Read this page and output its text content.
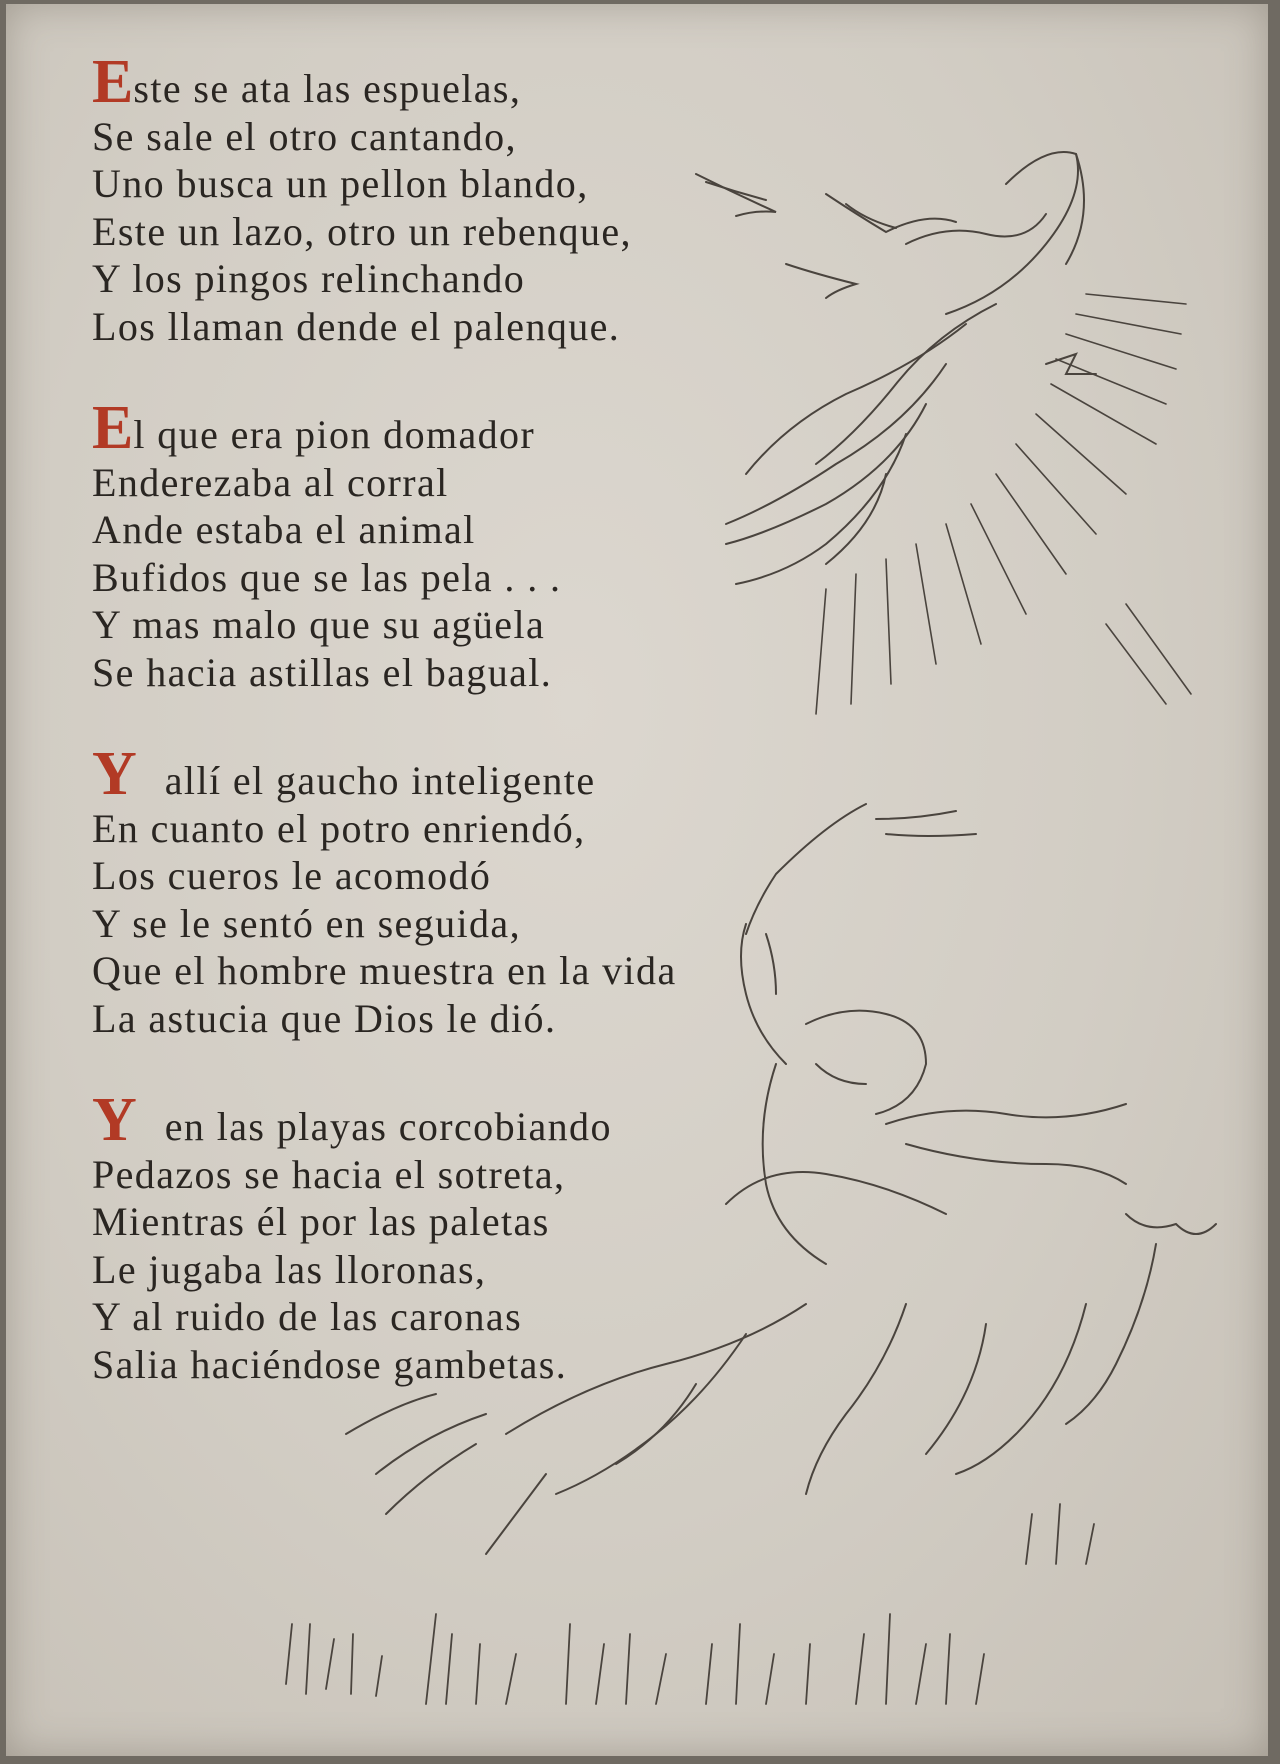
Este se ata las espuelas,
Se sale el otro cantando,
Uno busca un pellon blando,
Este un lazo, otro un rebenque,
Y los pingos relinchando
Los llaman dende el palenque.
El que era pion domador
Enderezaba al corral
Ande estaba el animal
Bufidos que se las pela . . .
Y mas malo que su agüela
Se hacia astillas el bagual.
Yallí el gaucho inteligente
En cuanto el potro enriendó,
Los cueros le acomodó
Y se le sentó en seguida,
Que el hombre muestra en la vida
La astucia que Dios le dió.
Yen las playas corcobiando
Pedazos se hacia el sotreta,
Mientras él por las paletas
Le jugaba las lloronas,
Y al ruido de las caronas
Salia haciéndose gambetas.
